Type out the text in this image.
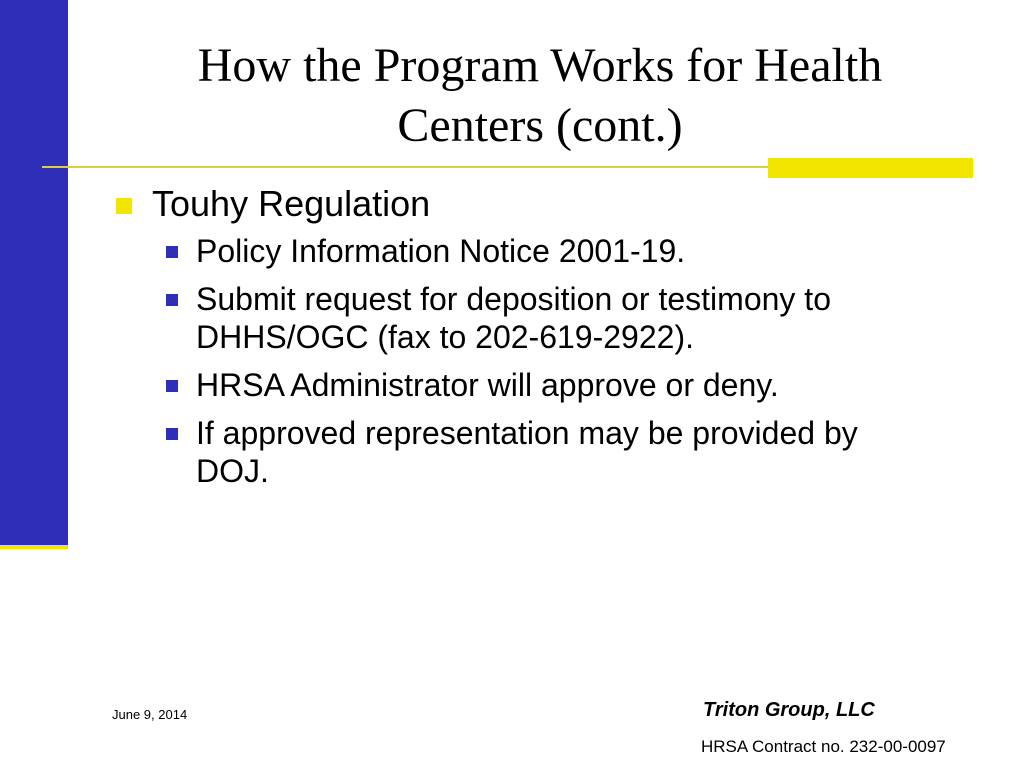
How the Program Works for Health
Centers (cont.)
Touhy Regulation
Policy Information Notice 2001-19.
Submit request for deposition or testimony to
DHHS/OGC (fax to 202-619-2922).
HRSA Administrator will approve or deny.
If approved representation may be provided by
DOJ.
June 9, 2014	Triton Group, LLC
HRSA Contract no. 232-00-0097
